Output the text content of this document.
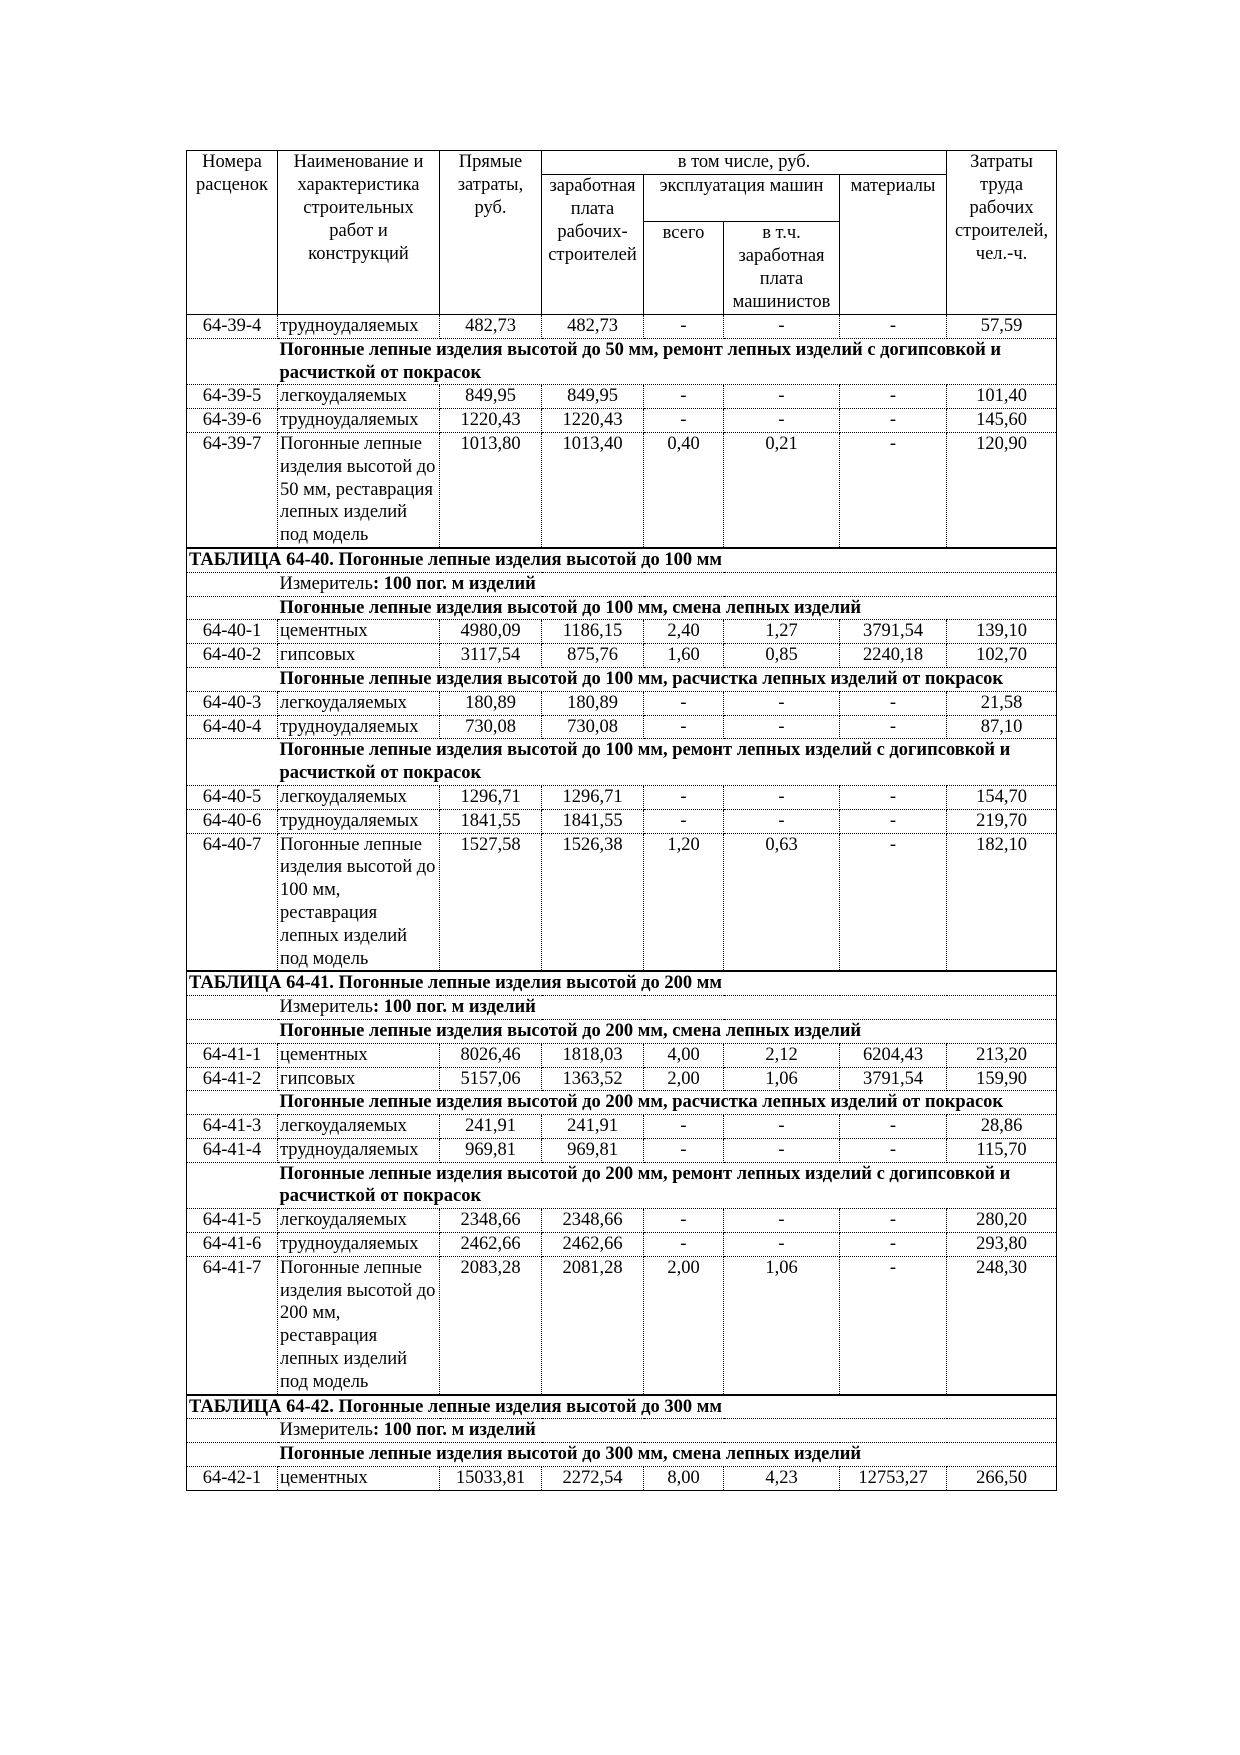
Номера расценок	Наименование и характеристика строительных работ и конструкций	Прямые затраты, руб.	в том числе, руб.				Затраты труда рабочих строителей, чел.-ч.
			заработная плата рабочих-строителей	эксплуатация машин		материалы	
				всего	в т.ч. заработная плата машинистов		
64-39-4	трудноудаляемых	482,73	482,73	-	-	-	57,59
	Погонные лепные изделия высотой до 50 мм, ремонт лепных изделий с догипсовкой и расчисткой от покрасок						
64-39-5	легкоудаляемых	849,95	849,95	-	-	-	101,40
64-39-6	трудноудаляемых	1220,43	1220,43	-	-	-	145,60
64-39-7	Погонные лепные изделия высотой до 50 мм, реставрация лепных изделий под модель	1013,80	1013,40	0,40	0,21	-	120,90
ТАБЛИЦА 64-40. Погонные лепные изделия высотой до 100 мм							
	Измеритель: 100 пог. м изделий						
	Погонные лепные изделия высотой до 100 мм, смена лепных изделий						
64-40-1	цементных	4980,09	1186,15	2,40	1,27	3791,54	139,10
64-40-2	гипсовых	3117,54	875,76	1,60	0,85	2240,18	102,70
	Погонные лепные изделия высотой до 100 мм, расчистка лепных изделий от покрасок						
64-40-3	легкоудаляемых	180,89	180,89	-	-	-	21,58
64-40-4	трудноудаляемых	730,08	730,08	-	-	-	87,10
	Погонные лепные изделия высотой до 100 мм, ремонт лепных изделий с догипсовкой и расчисткой от покрасок						
64-40-5	легкоудаляемых	1296,71	1296,71	-	-	-	154,70
64-40-6	трудноудаляемых	1841,55	1841,55	-	-	-	219,70
64-40-7	Погонные лепные изделия высотой до 100 мм, реставрация лепных изделий под модель	1527,58	1526,38	1,20	0,63	-	182,10
ТАБЛИЦА 64-41. Погонные лепные изделия высотой до 200 мм							
	Измеритель: 100 пог. м изделий						
	Погонные лепные изделия высотой до 200 мм, смена лепных изделий						
64-41-1	цементных	8026,46	1818,03	4,00	2,12	6204,43	213,20
64-41-2	гипсовых	5157,06	1363,52	2,00	1,06	3791,54	159,90
	Погонные лепные изделия высотой до 200 мм, расчистка лепных изделий от покрасок						
64-41-3	легкоудаляемых	241,91	241,91	-	-	-	28,86
64-41-4	трудноудаляемых	969,81	969,81	-	-	-	115,70
	Погонные лепные изделия высотой до 200 мм, ремонт лепных изделий с догипсовкой и расчисткой от покрасок						
64-41-5	легкоудаляемых	2348,66	2348,66	-	-	-	280,20
64-41-6	трудноудаляемых	2462,66	2462,66	-	-	-	293,80
64-41-7	Погонные лепные изделия высотой до 200 мм, реставрация лепных изделий под модель	2083,28	2081,28	2,00	1,06	-	248,30
ТАБЛИЦА 64-42. Погонные лепные изделия высотой до 300 мм							
	Измеритель: 100 пог. м изделий						
	Погонные лепные изделия высотой до 300 мм, смена лепных изделий						
64-42-1	цементных	15033,81	2272,54	8,00	4,23	12753,27	266,50
